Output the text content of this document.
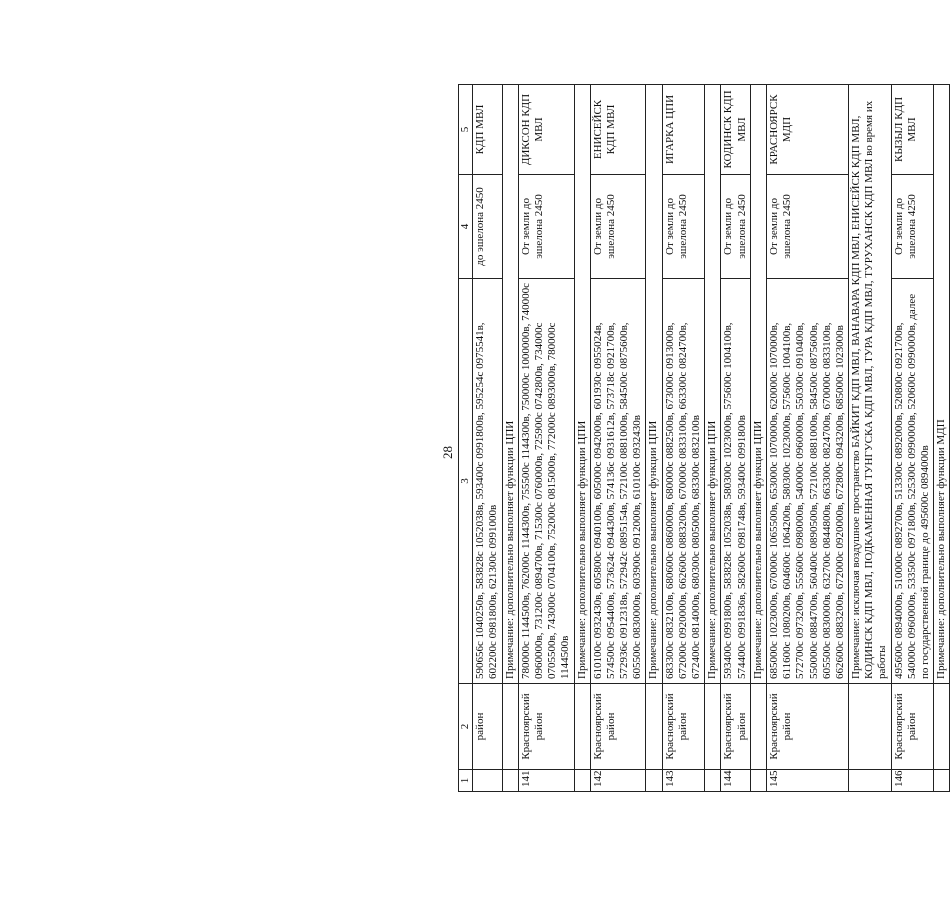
28
1	2	3	4	5
	район	590656с 1040250в, 583828с 1052038в, 593400с 0991800в, 595254с 0975541в, 602200с 0981800в, 621300с 0991000в	до эшелона 2450	КДП МВЛ
		Примечание: дополнительно выполняет функции ЦПИ		
141	Красноярский район	780000с 1144500в, 762000с 1144300в, 755500с 1144300в, 750000с 1000000в, 740000с 0960000в, 731200с 0894700в, 715300с 0760000в, 725900с 0742800в, 734000с 0705500в, 743000с 0704100в, 752000с 0815000в, 772000с 0893000в, 780000с 1144500в	От земли до эшелона 2450	ДИКСОН КДП МВЛ
		Примечание: дополнительно выполняет функции ЦПИ		
142	Красноярский район	610100с 0932430в, 605800с 0940100в, 605000с 0942000в, 601930с 0955024в, 574500с 0954400в, 573624с 0944300в, 574136с 0931612в, 573718с 0921700в, 572936с 0912318в, 572942с 0895154в, 572100с 0881000в, 584500с 0875600в, 605500с 0830000в, 603900с 0912000в, 610100с 0932430в	От земли до эшелона 2450	ЕНИСЕЙСК КДП МВЛ
		Примечание: дополнительно выполняет функции ЦПИ		
143	Красноярский район	683300с 0832100в, 680600с 0860000в, 680000с 0882500в, 673000с 0913000в, 672000с 0920000в, 662600с 0883200в, 670000с 0833100в, 663300с 0824700в, 672400с 0814000в, 680300с 0805000в, 683300с 0832100в	От земли до эшелона 2450	ИГАРКА ЦПИ
		Примечание: дополнительно выполняет функции ЦПИ		
144	Красноярский район	593400с 0991800в, 583828с 1052038в, 580300с 1023000в, 575600с 1004100в, 574400с 0991836в, 582600с 0981748в, 593400с 0991800в	От земли до эшелона 2450	КОДИНСК КДП МВЛ
		Примечание: дополнительно выполняет функции ЦПИ		
145	Красноярский район	685000с 1023000в, 670000с 1065500в, 653000с 1070000в, 620000с 1070000в, 611600с 1080200в, 604600с 1064200в, 580300с 1023000в, 575600с 1004100в, 572700с 0973200в, 555600с 0980000в, 540000с 0960000в, 550300с 0910400в, 550000с 0884700в, 560400с 0890500в, 572100с 0881000в, 584500с 0875600в, 605500с 0830000в, 632700с 0844800в, 663300с 0824700в, 670000с 0833100в, 662600с 0883200в, 672000с 0920000в, 672800с 0943200в, 685000с 1023000в	От земли до эшелона 2450	КРАСНОЯРСК МДП
		Примечание: исключая воздушное пространство БАЙКИТ КДП МВЛ, ВАНАВАРА КДП МВЛ, ЕНИСЕЙСК КДП МВЛ, КОДИНСК КДП МВЛ, ПОДКАМЕННАЯ ТУНГУСКА КДП МВЛ, ТУРА КДП МВЛ, ТУРУХАНСК КДП МВЛ во время их работы		
146	Красноярский район	495600с 0894000в, 510000с 0892700в, 513300с 0892000в, 520800с 0921700в, 540000с 0960000в, 533500с 0971800в, 525300с 0990000в, 520600с 0990000в, далее по государственной границе до 495600с 0894000в	От земли до эшелона 4250	КЫЗЫЛ КДП МВЛ
		Примечание: дополнительно выполняет функции МДП		
